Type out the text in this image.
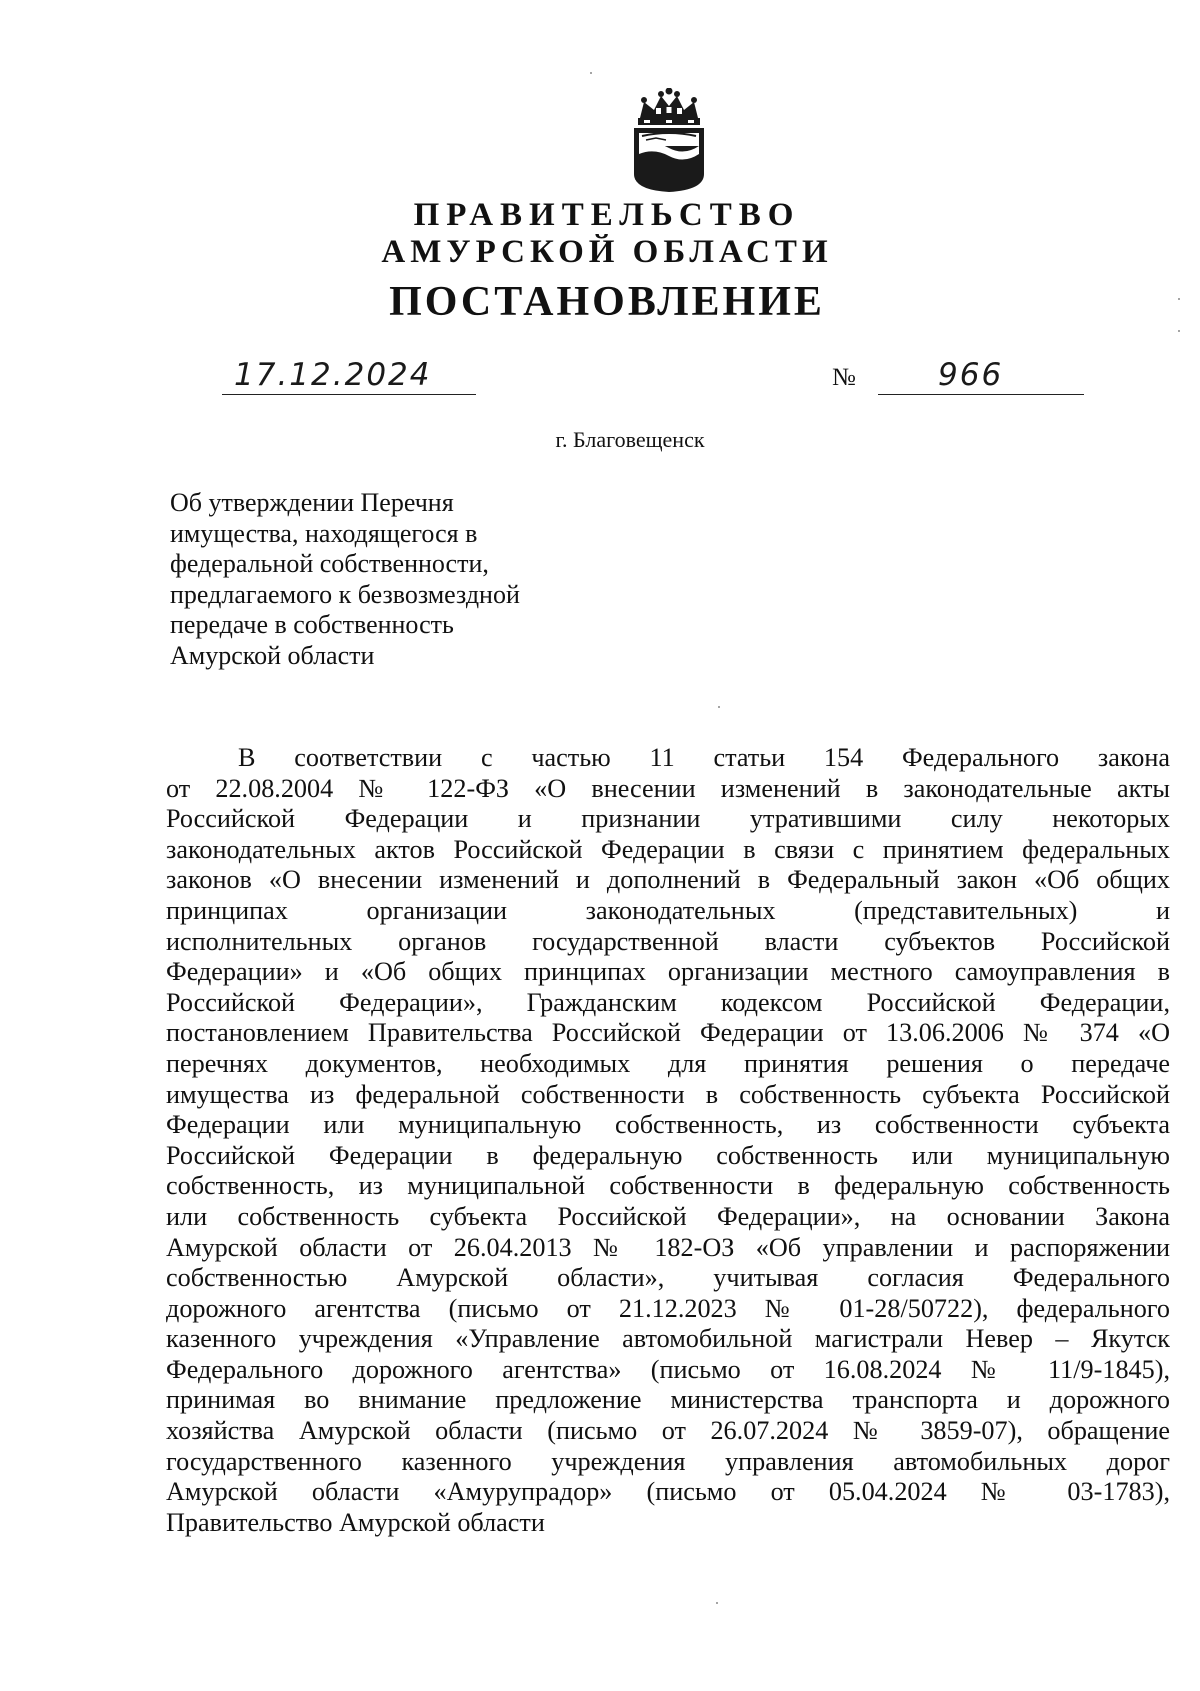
ПРАВИТЕЛЬСТВО
АМУРСКОЙ ОБЛАСТИ
ПОСТАНОВЛЕНИЕ
17.12.2024	№	966
г. Благовещенск
Об утверждении Перечня
имущества, находящегося в
федеральной собственности,
предлагаемого к безвозмездной
передаче в собственность
Амурской области
В соответствии с частью 11 статьи 154 Федерального закона
от 22.08.2004 № 122-ФЗ «О внесении изменений в законодательные акты
Российской Федерации и признании утратившими силу некоторых
законодательных актов Российской Федерации в связи с принятием федеральных
законов «О внесении изменений и дополнений в Федеральный закон «Об общих
принципах организации законодательных (представительных) и
исполнительных органов государственной власти субъектов Российской
Федерации» и «Об общих принципах организации местного самоуправления в
Российской Федерации», Гражданским кодексом Российской Федерации,
постановлением Правительства Российской Федерации от 13.06.2006 № 374 «О
перечнях документов, необходимых для принятия решения о передаче
имущества из федеральной собственности в собственность субъекта Российской
Федерации или муниципальную собственность, из собственности субъекта
Российской Федерации в федеральную собственность или муниципальную
собственность, из муниципальной собственности в федеральную собственность
или собственность субъекта Российской Федерации», на основании Закона
Амурской области от 26.04.2013 № 182-ОЗ «Об управлении и распоряжении
собственностью Амурской области», учитывая согласия Федерального
дорожного агентства (письмо от 21.12.2023 № 01-28/50722), федерального
казенного учреждения «Управление автомобильной магистрали Невер – Якутск
Федерального дорожного агентства» (письмо от 16.08.2024 № 11/9-1845),
принимая во внимание предложение министерства транспорта и дорожного
хозяйства Амурской области (письмо от 26.07.2024 № 3859-07), обращение
государственного казенного учреждения управления автомобильных дорог
Амурской области «Амурупрадор» (письмо от 05.04.2024 № 03-1783),
Правительство Амурской области
